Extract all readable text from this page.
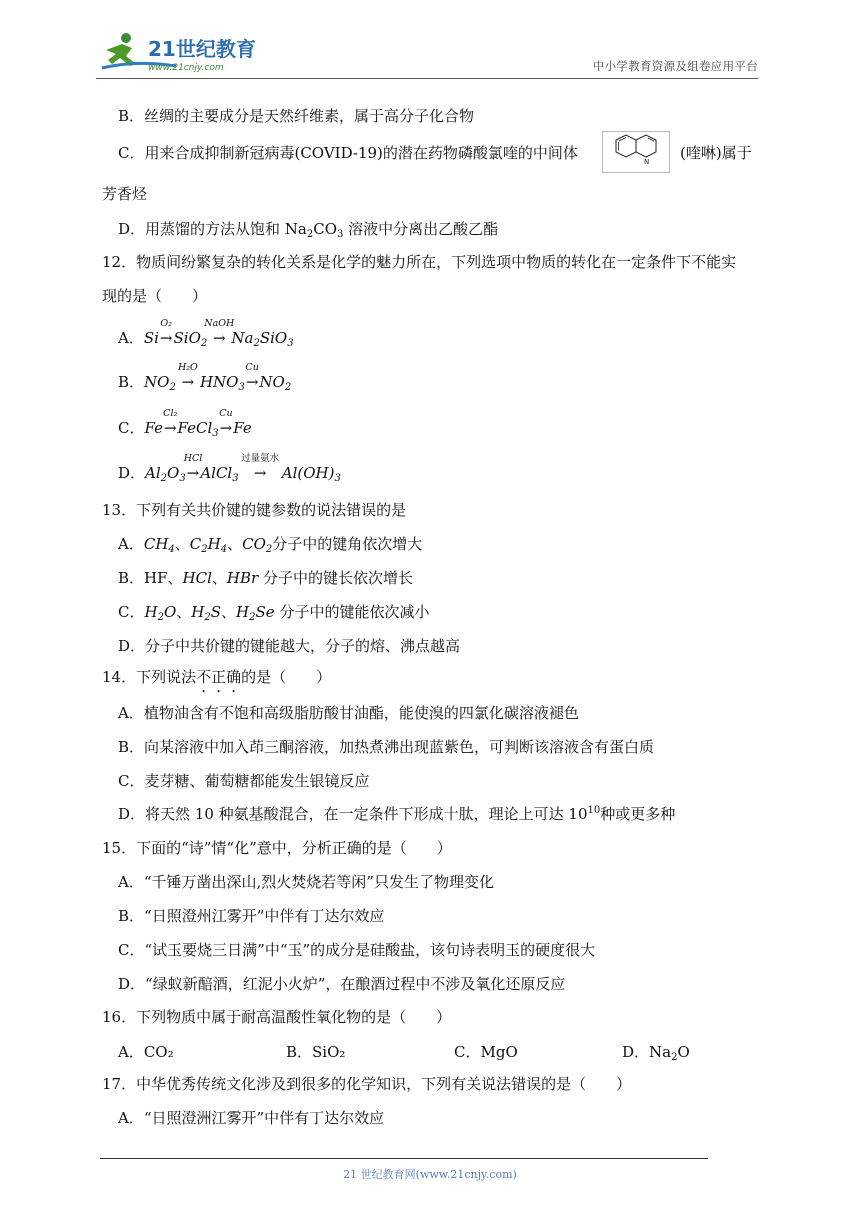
21世纪教育
www.21cnjy.com	中小学教育资源及组卷应用平台
B．丝绸的主要成分是天然纤维素，属于高分子化合物
C．用来合成抑制新冠病毒(COVID-19)的潜在药物磷酸氯喹的中间体	N (喹啉)属于
芳香烃
D．用蒸馏的方法从饱和 $Na_2CO_3$ 溶液中分离出乙酸乙酯
12．物质间纷繁复杂的转化关系是化学的魅力所在，下列选项中物质的转化在一定条件下不能实
现的是（　　）
A．Si
O₂
→SiO$_2$
NaOH
→ $Na_2SiO_3$
B．$NO_2$
H₂O
→ $HNO_3$
Cu
$\to NO_2$
C．Fe
Cl₂
→FeCl$_3$
Cu
→Fe
D．$Al_2O_3$
HCl
→AlCl$_3$
过量氨水
→   $Al(OH)_3$
13．下列有关共价键的键参数的说法错误的是
A．$CH_4$、$C_2H_4$、$CO_2$分子中的键角依次增大
B．HF、HCl、HBr 分子中的键长依次增长
C．$H_2O$、$H_2S$、$H_2Se$ 分子中的键能依次减小
D．分子中共价键的键能越大，分子的熔、沸点越高
14．下列说法不正确的是（　　）
A．植物油含有不饱和高级脂肪酸甘油酯，能使溴的四氯化碳溶液褪色
B．向某溶液中加入茚三酮溶液，加热煮沸出现蓝紫色，可判断该溶液含有蛋白质
C．麦芽糖、葡萄糖都能发生银镜反应
D．将天然 10 种氨基酸混合，在一定条件下形成十肽，理论上可达 $10^{10}$种或更多种
15．下面的“诗”情“化”意中，分析正确的是（　　）
A．“千锤万凿出深山,烈火焚烧若等闲”只发生了物理变化
B．“日照澄州江雾开”中伴有丁达尔效应
C．“试玉要烧三日满”中“玉”的成分是硅酸盐，该句诗表明玉的硬度很大
D．“绿蚁新醅酒，红泥小火炉”，在酿酒过程中不涉及氧化还原反应
16．下列物质中属于耐高温酸性氧化物的是（　　）
A．CO₂	B．SiO₂	C．MgO	D．$Na_2O$
17．中华优秀传统文化涉及到很多的化学知识，下列有关说法错误的是（　　）
A．“日照澄洲江雾开”中伴有丁达尔效应
21 世纪教育网(www.21cnjy.com)
